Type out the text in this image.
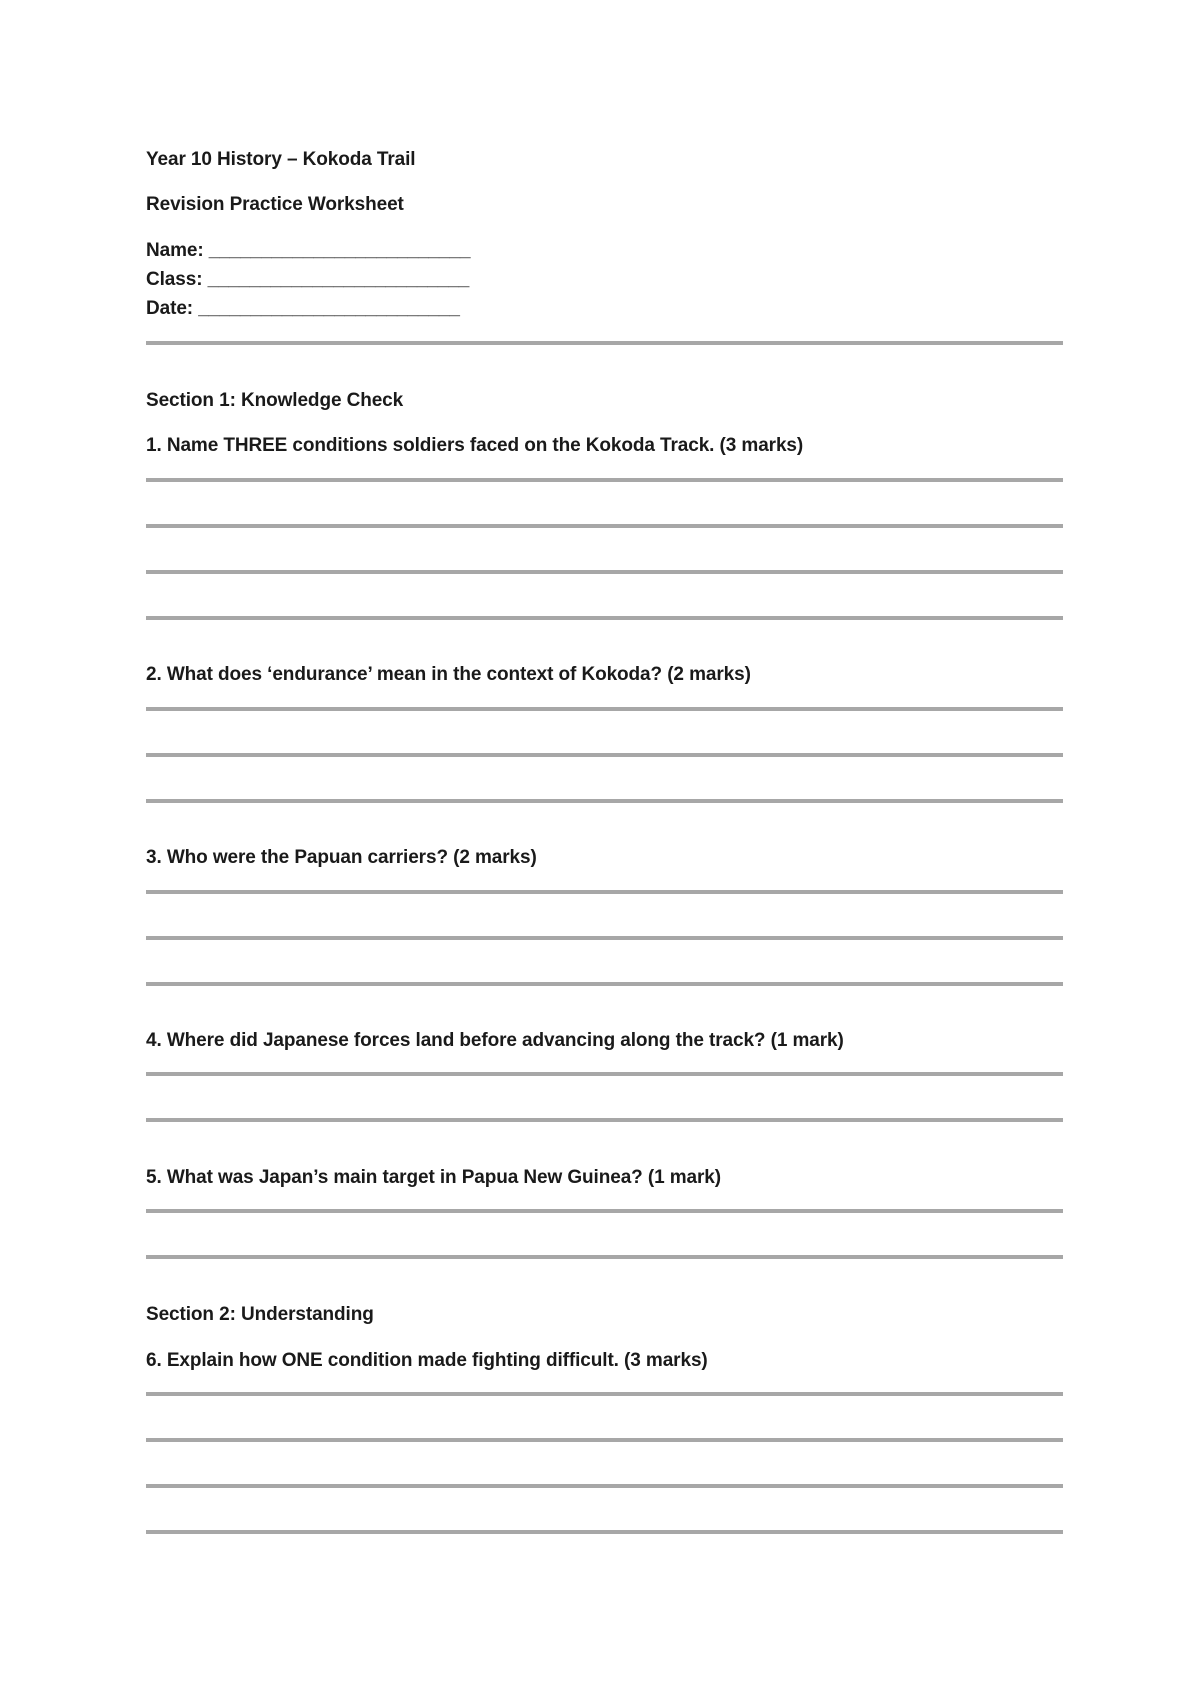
Year 10 History – Kokoda Trail

Revision Practice Worksheet

Name: _________________________

Class: _________________________

Date: _________________________

Section 1: Knowledge Check

1. Name THREE conditions soldiers faced on the Kokoda Track. (3 marks)

2. What does ‘endurance’ mean in the context of Kokoda? (2 marks)

3. Who were the Papuan carriers? (2 marks)

4. Where did Japanese forces land before advancing along the track? (1 mark)

5. What was Japan’s main target in Papua New Guinea? (1 mark)

Section 2: Understanding

6. Explain how ONE condition made fighting difficult. (3 marks)
